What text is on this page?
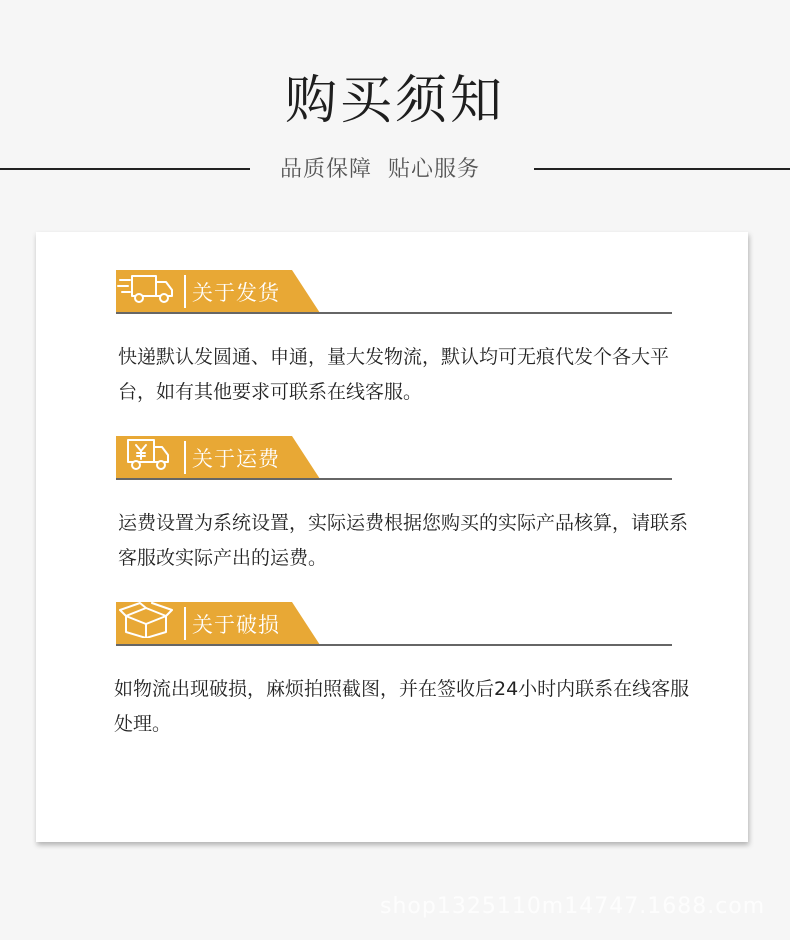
购买须知
品质保障  贴心服务
关于发货
快递默认发圆通、申通，量大发物流，默认均可无痕代发个各大平台，如有其他要求可联系在线客服。
关于运费
运费设置为系统设置，实际运费根据您购买的实际产品核算，请联系客服改实际产出的运费。
关于破损
如物流出现破损，麻烦拍照截图，并在签收后24小时内联系在线客服处理。
shop1325110m14747.1688.com
